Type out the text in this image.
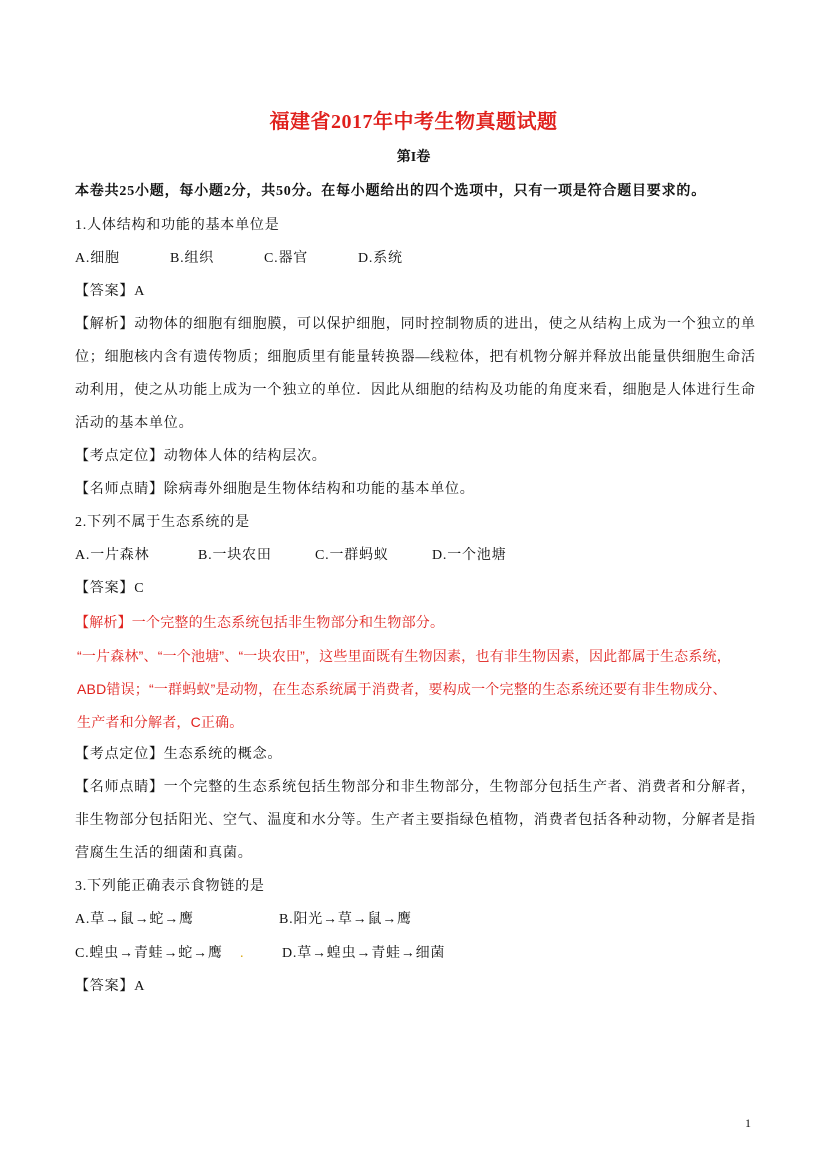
福建省2017年中考生物真题试题
第I卷
本卷共25小题，每小题2分，共50分。在每小题给出的四个选项中，只有一项是符合题目要求的。
1.人体结构和功能的基本单位是
A.细胞	B.组织	C.器官	D.系统
【答案】A
【解析】动物体的细胞有细胞膜，可以保护细胞，同时控制物质的进出，使之从结构上成为一个独立的单
位；细胞核内含有遗传物质；细胞质里有能量转换器—线粒体，把有机物分解并释放出能量供细胞生命活
动利用，使之从功能上成为一个独立的单位．因此从细胞的结构及功能的角度来看，细胞是人体进行生命
活动的基本单位。
【考点定位】动物体人体的结构层次。
【名师点睛】除病毒外细胞是生物体结构和功能的基本单位。
2.下列不属于生态系统的是
A.一片森林	B.一块农田	C.一群蚂蚁	D.一个池塘
【答案】C
【解析】一个完整的生态系统包括非生物部分和生物部分。
“一片森林”、“一个池塘”、“一块农田”，这些里面既有生物因素，也有非生物因素，因此都属于生态系统，
ABD错误；“一群蚂蚁”是动物，在生态系统属于消费者，要构成一个完整的生态系统还要有非生物成分、
生产者和分解者，C正确。
【考点定位】生态系统的概念。
【名师点睛】一个完整的生态系统包括生物部分和非生物部分，生物部分包括生产者、消费者和分解者，
非生物部分包括阳光、空气、温度和水分等。生产者主要指绿色植物，消费者包括各种动物，分解者是指
营腐生生活的细菌和真菌。
3.下列能正确表示食物链的是
A.草→鼠→蛇→鹰	B.阳光→草→鼠→鹰
C.蝗虫→青蛙→蛇→鹰 .	D.草→蝗虫→青蛙→细菌
【答案】A
1
